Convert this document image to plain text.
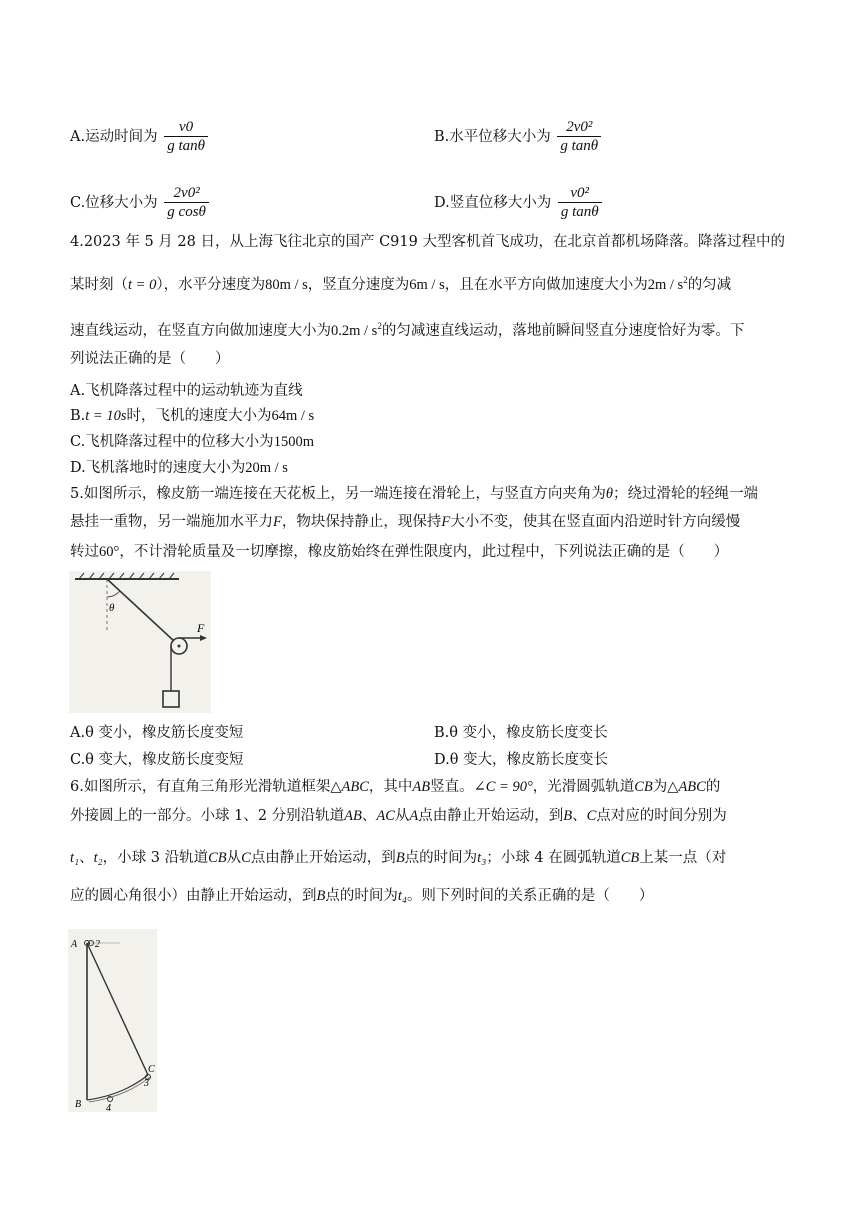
A.运动时间为 $\frac{v0}{\text{g tanθ}}$	B.水平位移大小为 $\frac{\text{2v0²}}{\text{g tanθ}}$
C.位移大小为 $\frac{\text{2v0²}}{\text{g cosθ}}$	D.竖直位移大小为 $\frac{\text{v0²}}{\text{g tanθ}}$
4.2023 年 5 月 28 日，从上海飞往北京的国产 C919 大型客机首飞成功，在北京首都机场降落。降落过程中的
某时刻（t = 0），水平分速度为80m / s，竖直分速度为6m / s，且在水平方向做加速度大小为$2m / s^2$的匀减
速直线运动，在竖直方向做加速度大小为$0.2m / s^2$的匀减速直线运动，落地前瞬间竖直分速度恰好为零。下
列说法正确的是（　　）
A.飞机降落过程中的运动轨迹为直线
B.t = 10s时，飞机的速度大小为64m / s
C.飞机降落过程中的位移大小为1500m
D.飞机落地时的速度大小为20m / s
5.如图所示，橡皮筋一端连接在天花板上，另一端连接在滑轮上，与竖直方向夹角为θ；绕过滑轮的轻绳一端
悬挂一重物，另一端施加水平力F，物块保持静止，现保持F大小不变，使其在竖直面内沿逆时针方向缓慢
转过60°，不计滑轮质量及一切摩擦，橡皮筋始终在弹性限度内，此过程中，下列说法正确的是（　　）
θ
F
A.θ 变小，橡皮筋长度变短	B.θ 变小，橡皮筋长度变长
C.θ 变大，橡皮筋长度变短	D.θ 变大，橡皮筋长度变长
6.如图所示，有直角三角形光滑轨道框架△ABC，其中AB竖直。∠C = 90°，光滑圆弧轨道CB为△ABC的
外接圆上的一部分。小球 1、2 分别沿轨道AB、AC从A点由静止开始运动，到B、C点对应的时间分别为
t₁、t₂，小球 3 沿轨道CB从C点由静止开始运动，到B点的时间为t₃；小球 4 在圆弧轨道CB上某一点（对
应的圆心角很小）由静止开始运动，到B点的时间为t₄。则下列时间的关系正确的是（　　）
A 2
B
C
3
4
